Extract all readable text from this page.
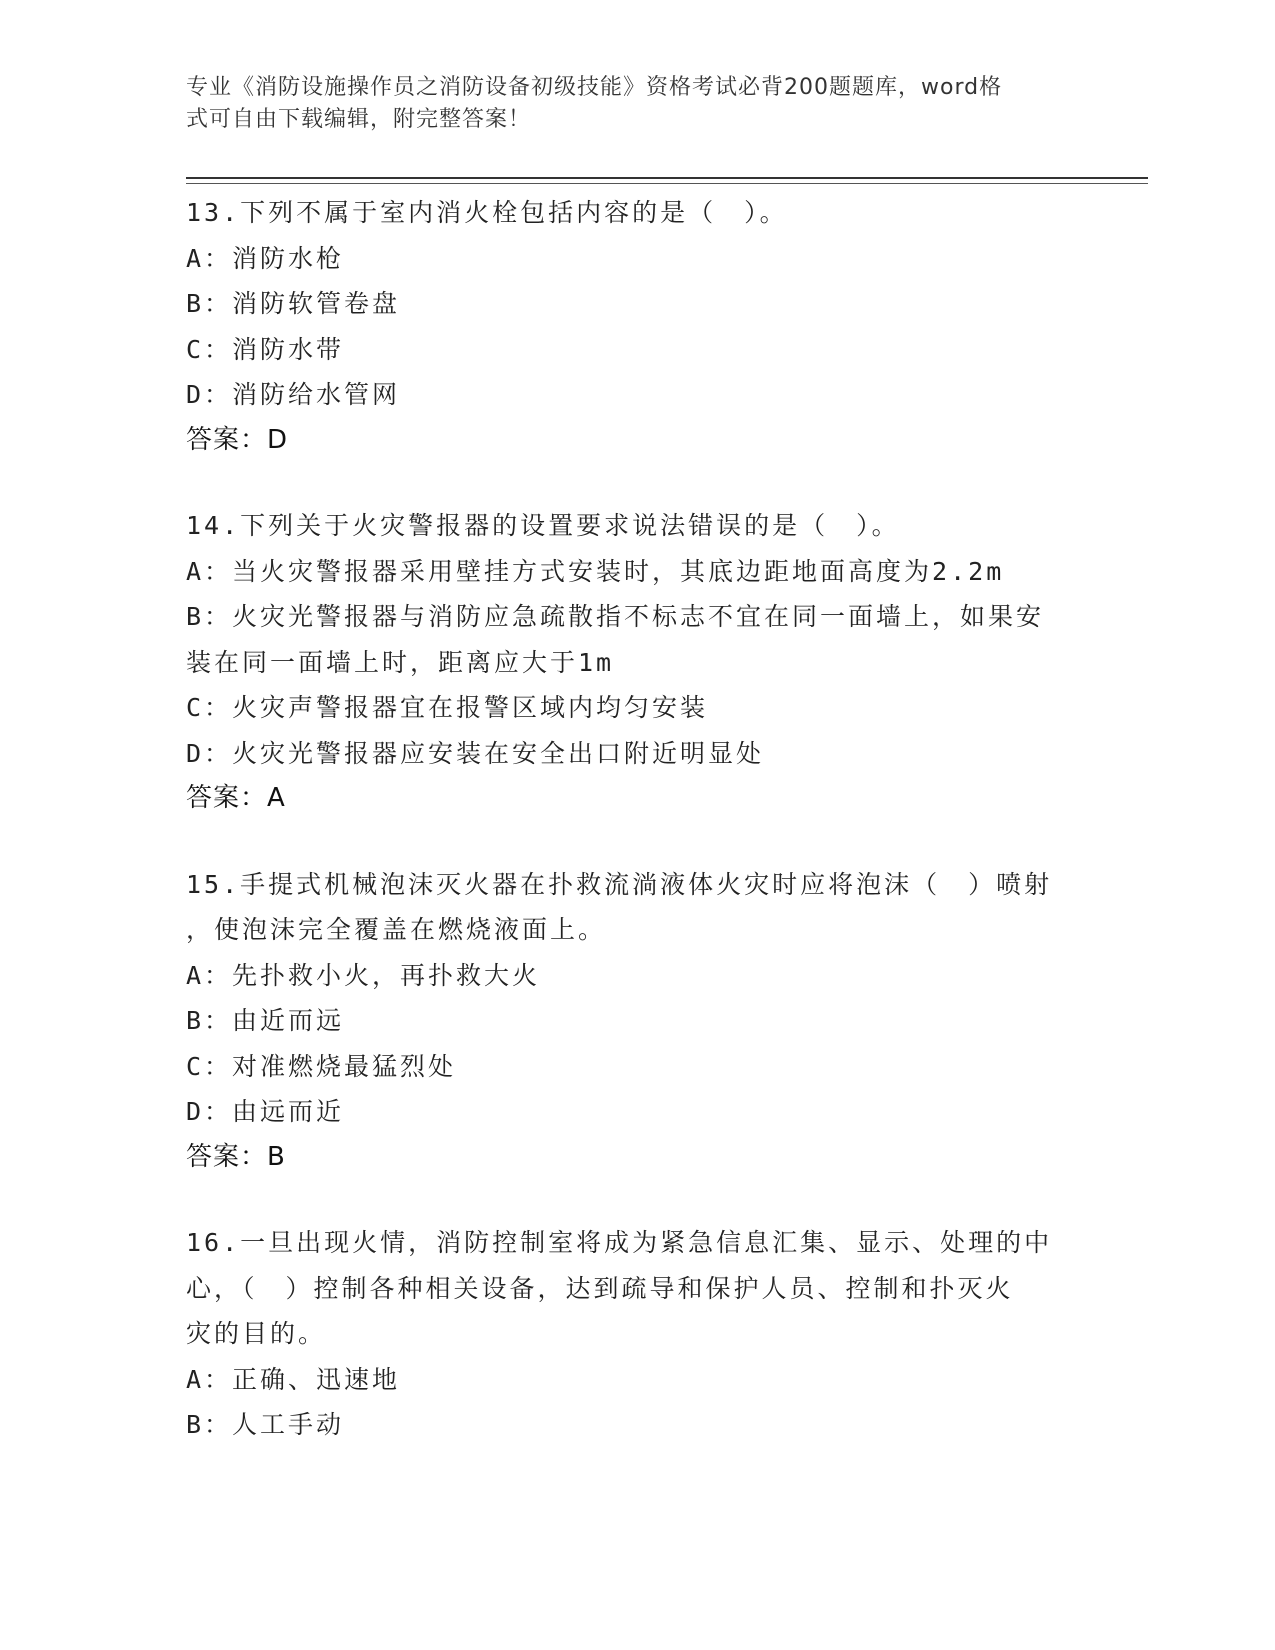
专业《消防设施操作员之消防设备初级技能》资格考试必背200题题库，word格
式可自由下载编辑，附完整答案！
13.下列不属于室内消火栓包括内容的是（　）。
A：消防水枪
B：消防软管卷盘
C：消防水带
D：消防给水管网
答案：D
14.下列关于火灾警报器的设置要求说法错误的是（　）。
A：当火灾警报器采用壁挂方式安装时，其底边距地面高度为2.2m
B：火灾光警报器与消防应急疏散指不标志不宜在同一面墙上，如果安
装在同一面墙上时，距离应大于1m
C：火灾声警报器宜在报警区域内均匀安装
D：火灾光警报器应安装在安全出口附近明显处
答案：A
15.手提式机械泡沫灭火器在扑救流淌液体火灾时应将泡沫（　）喷射
，使泡沫完全覆盖在燃烧液面上。
A：先扑救小火，再扑救大火
B：由近而远
C：对准燃烧最猛烈处
D：由远而近
答案：B
16.一旦出现火情，消防控制室将成为紧急信息汇集、显示、处理的中
心，（　）控制各种相关设备，达到疏导和保护人员、控制和扑灭火
灾的目的。
A：正确、迅速地
B：人工手动
